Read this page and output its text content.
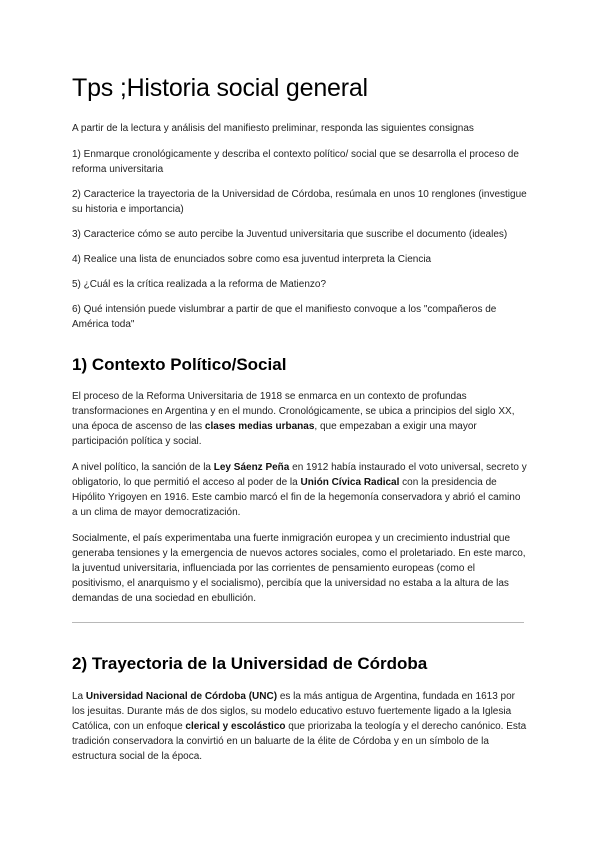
Tps ;Historia social general

A partir de la lectura y análisis del manifiesto preliminar, responda las siguientes consignas

1) Enmarque cronológicamente y describa el contexto político/ social que se desarrolla el proceso de reforma universitaria

2) Caracterice la trayectoria de la Universidad de Córdoba, resúmala en unos 10 renglones (investigue su historia e importancia)

3) Caracterice cómo se auto percibe la Juventud universitaria que suscribe el documento (ideales)

4) Realice una lista de enunciados sobre como esa juventud interpreta la Ciencia

5) ¿Cuál es la crítica realizada a la reforma de Matienzo?

6) Qué intensión puede vislumbrar a partir de que el manifiesto convoque a los "compañeros de América toda"

1) Contexto Político/Social

El proceso de la Reforma Universitaria de 1918 se enmarca en un contexto de profundas transformaciones en Argentina y en el mundo. Cronológicamente, se ubica a principios del siglo XX, una época de ascenso de las clases medias urbanas, que empezaban a exigir una mayor participación política y social.

A nivel político, la sanción de la Ley Sáenz Peña en 1912 había instaurado el voto universal, secreto y obligatorio, lo que permitió el acceso al poder de la Unión Cívica Radical con la presidencia de Hipólito Yrigoyen en 1916. Este cambio marcó el fin de la hegemonía conservadora y abrió el camino a un clima de mayor democratización.

Socialmente, el país experimentaba una fuerte inmigración europea y un crecimiento industrial que generaba tensiones y la emergencia de nuevos actores sociales, como el proletariado. En este marco, la juventud universitaria, influenciada por las corrientes de pensamiento europeas (como el positivismo, el anarquismo y el socialismo), percibía que la universidad no estaba a la altura de las demandas de una sociedad en ebullición.

2) Trayectoria de la Universidad de Córdoba

La Universidad Nacional de Córdoba (UNC) es la más antigua de Argentina, fundada en 1613 por los jesuitas. Durante más de dos siglos, su modelo educativo estuvo fuertemente ligado a la Iglesia Católica, con un enfoque clerical y escolástico que priorizaba la teología y el derecho canónico. Esta tradición conservadora la convirtió en un baluarte de la élite de Córdoba y en un símbolo de la estructura social de la época.
